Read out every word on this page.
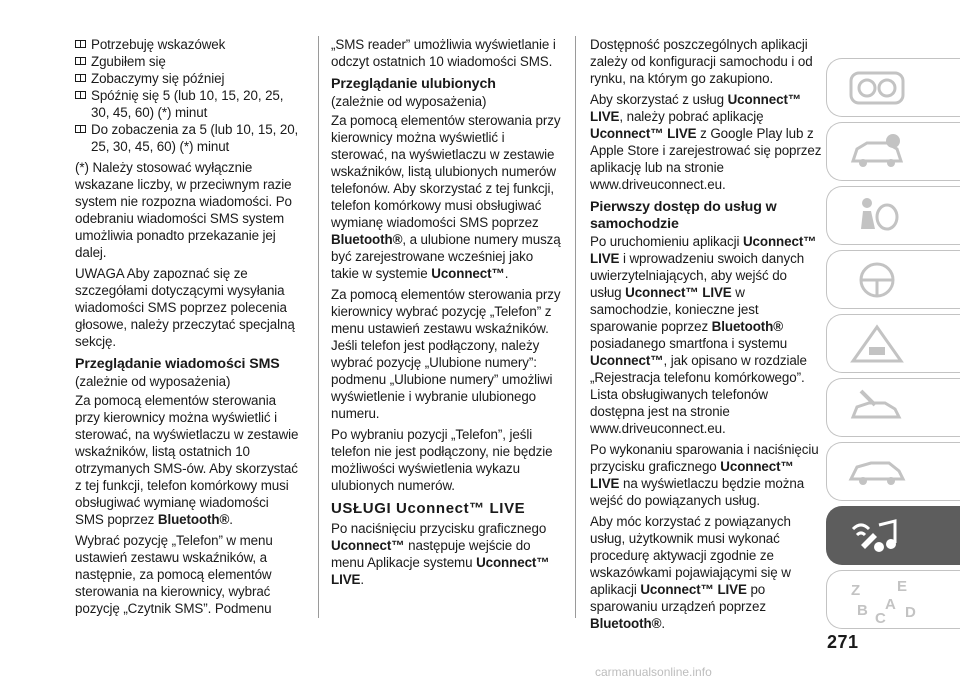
Potrzebuję wskazówek
Zgubiłem się
Zobaczymy się później
Spóźnię się 5 (lub 10, 15, 20, 25, 30, 45, 60) (*) minut
Do zobaczenia za 5 (lub 10, 15, 20, 25, 30, 45, 60) (*) minut

(*) Należy stosować wyłącznie wskazane liczby, w przeciwnym razie system nie rozpozna wiadomości. Po odebraniu wiadomości SMS system umożliwia ponadto przekazanie jej dalej.

UWAGA Aby zapoznać się ze szczegółami dotyczącymi wysyłania wiadomości SMS poprzez polecenia głosowe, należy przeczytać specjalną sekcję.

Przeglądanie wiadomości SMS

(zależnie od wyposażenia)

Za pomocą elementów sterowania przy kierownicy można wyświetlić i sterować, na wyświetlaczu w zestawie wskaźników, listą ostatnich 10 otrzymanych SMS-ów. Aby skorzystać z tej funkcji, telefon komórkowy musi obsługiwać wymianę wiadomości SMS poprzez Bluetooth®.

Wybrać pozycję „Telefon” w menu ustawień zestawu wskaźników, a następnie, za pomocą elementów sterowania na kierownicy, wybrać pozycję „Czytnik SMS”. Podmenu

„SMS reader” umożliwia wyświetlanie i odczyt ostatnich 10 wiadomości SMS.

Przeglądanie ulubionych

(zależnie od wyposażenia)

Za pomocą elementów sterowania przy kierownicy można wyświetlić i sterować, na wyświetlaczu w zestawie wskaźników, listą ulubionych numerów telefonów. Aby skorzystać z tej funkcji, telefon komórkowy musi obsługiwać wymianę wiadomości SMS poprzez Bluetooth®, a ulubione numery muszą być zarejestrowane wcześniej jako takie w systemie Uconnect™.

Za pomocą elementów sterowania przy kierownicy wybrać pozycję „Telefon” z menu ustawień zestawu wskaźników. Jeśli telefon jest podłączony, należy wybrać pozycję „Ulubione numery”: podmenu „Ulubione numery” umożliwi wyświetlenie i wybranie ulubionego numeru.

Po wybraniu pozycji „Telefon”, jeśli telefon nie jest podłączony, nie będzie możliwości wyświetlenia wykazu ulubionych numerów.

USŁUGI Uconnect™ LIVE

Po naciśnięciu przycisku graficznego Uconnect™ następuje wejście do menu Aplikacje systemu Uconnect™ LIVE.

Dostępność poszczególnych aplikacji zależy od konfiguracji samochodu i od rynku, na którym go zakupiono.

Aby skorzystać z usług Uconnect™ LIVE, należy pobrać aplikację Uconnect™ LIVE z Google Play lub z Apple Store i zarejestrować się poprzez aplikację lub na stronie www.driveuconnect.eu.

Pierwszy dostęp do usług w samochodzie

Po uruchomieniu aplikacji Uconnect™ LIVE i wprowadzeniu swoich danych uwierzytelniających, aby wejść do usług Uconnect™ LIVE w samochodzie, konieczne jest sparowanie poprzez Bluetooth® posiadanego smartfona i systemu Uconnect™, jak opisano w rozdziale „Rejestracja telefonu komórkowego”. Lista obsługiwanych telefonów dostępna jest na stronie www.driveuconnect.eu.

Po wykonaniu sparowania i naciśnięciu przycisku graficznego Uconnect™ LIVE na wyświetlaczu będzie można wejść do powiązanych usług.

Aby móc korzystać z powiązanych usług, użytkownik musi wykonać procedurę aktywacji zgodnie ze wskazówkami pojawiającymi się w aplikacji Uconnect™ LIVE po sparowaniu urządzeń poprzez Bluetooth®.

Z E
B C
A D
271
carmanualsonline.info
